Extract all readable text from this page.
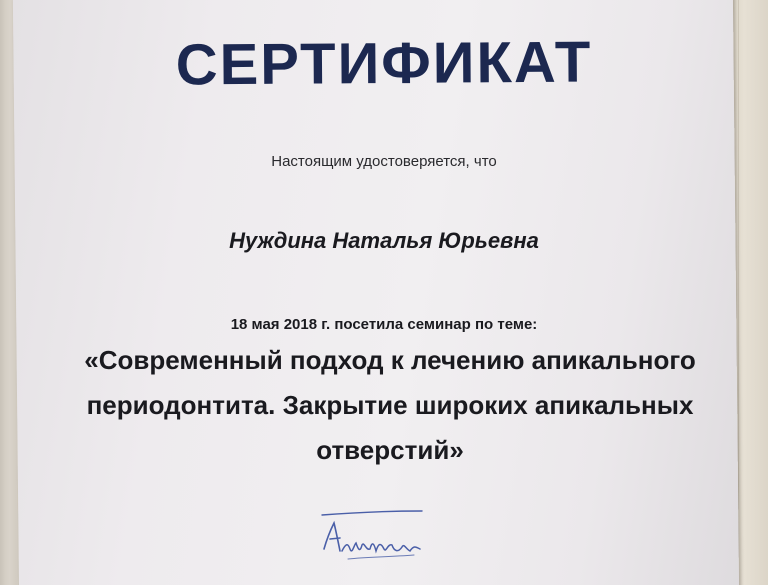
СЕРТИФИКАТ
Настоящим удостоверяется, что
Нуждина Наталья Юрьевна
18 мая 2018 г. посетила семинар по теме:
«Современный подход к лечению апикального периодонтита. Закрытие широких апикальных отверстий»
